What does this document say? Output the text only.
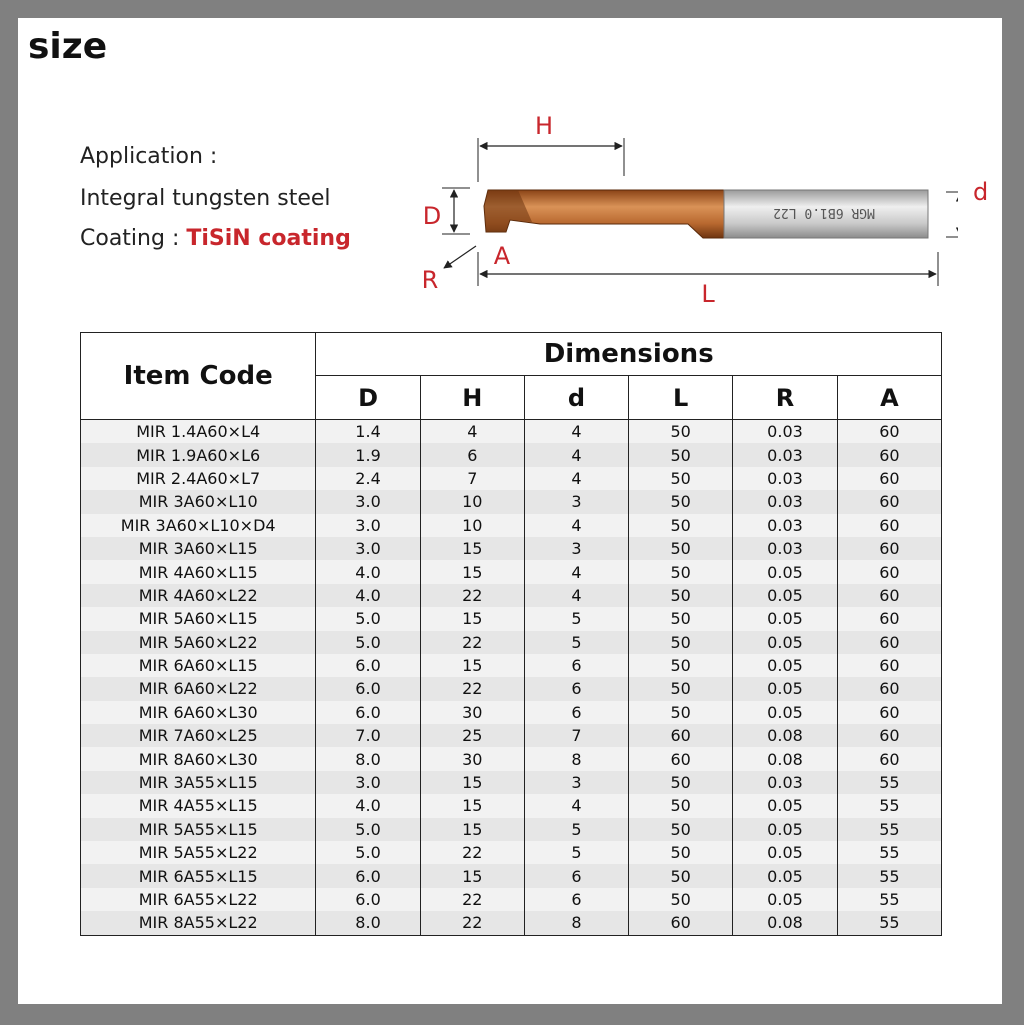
size
Application :
Integral tungsten steel
Coating : TiSiN coating
H
D	MGR 6B1.0 L22
R
A
L
d
Item Code	Dimensions					
	D	H	d	L	R	A
MIR 1.4A60×L4	1.4	4	4	50	0.03	60
MIR 1.9A60×L6	1.9	6	4	50	0.03	60
MIR 2.4A60×L7	2.4	7	4	50	0.03	60
MIR 3A60×L10	3.0	10	3	50	0.03	60
MIR 3A60×L10×D4	3.0	10	4	50	0.03	60
MIR 3A60×L15	3.0	15	3	50	0.03	60
MIR 4A60×L15	4.0	15	4	50	0.05	60
MIR 4A60×L22	4.0	22	4	50	0.05	60
MIR 5A60×L15	5.0	15	5	50	0.05	60
MIR 5A60×L22	5.0	22	5	50	0.05	60
MIR 6A60×L15	6.0	15	6	50	0.05	60
MIR 6A60×L22	6.0	22	6	50	0.05	60
MIR 6A60×L30	6.0	30	6	50	0.05	60
MIR 7A60×L25	7.0	25	7	60	0.08	60
MIR 8A60×L30	8.0	30	8	60	0.08	60
MIR 3A55×L15	3.0	15	3	50	0.03	55
MIR 4A55×L15	4.0	15	4	50	0.05	55
MIR 5A55×L15	5.0	15	5	50	0.05	55
MIR 5A55×L22	5.0	22	5	50	0.05	55
MIR 6A55×L15	6.0	15	6	50	0.05	55
MIR 6A55×L22	6.0	22	6	50	0.05	55
MIR 8A55×L22	8.0	22	8	60	0.08	55
